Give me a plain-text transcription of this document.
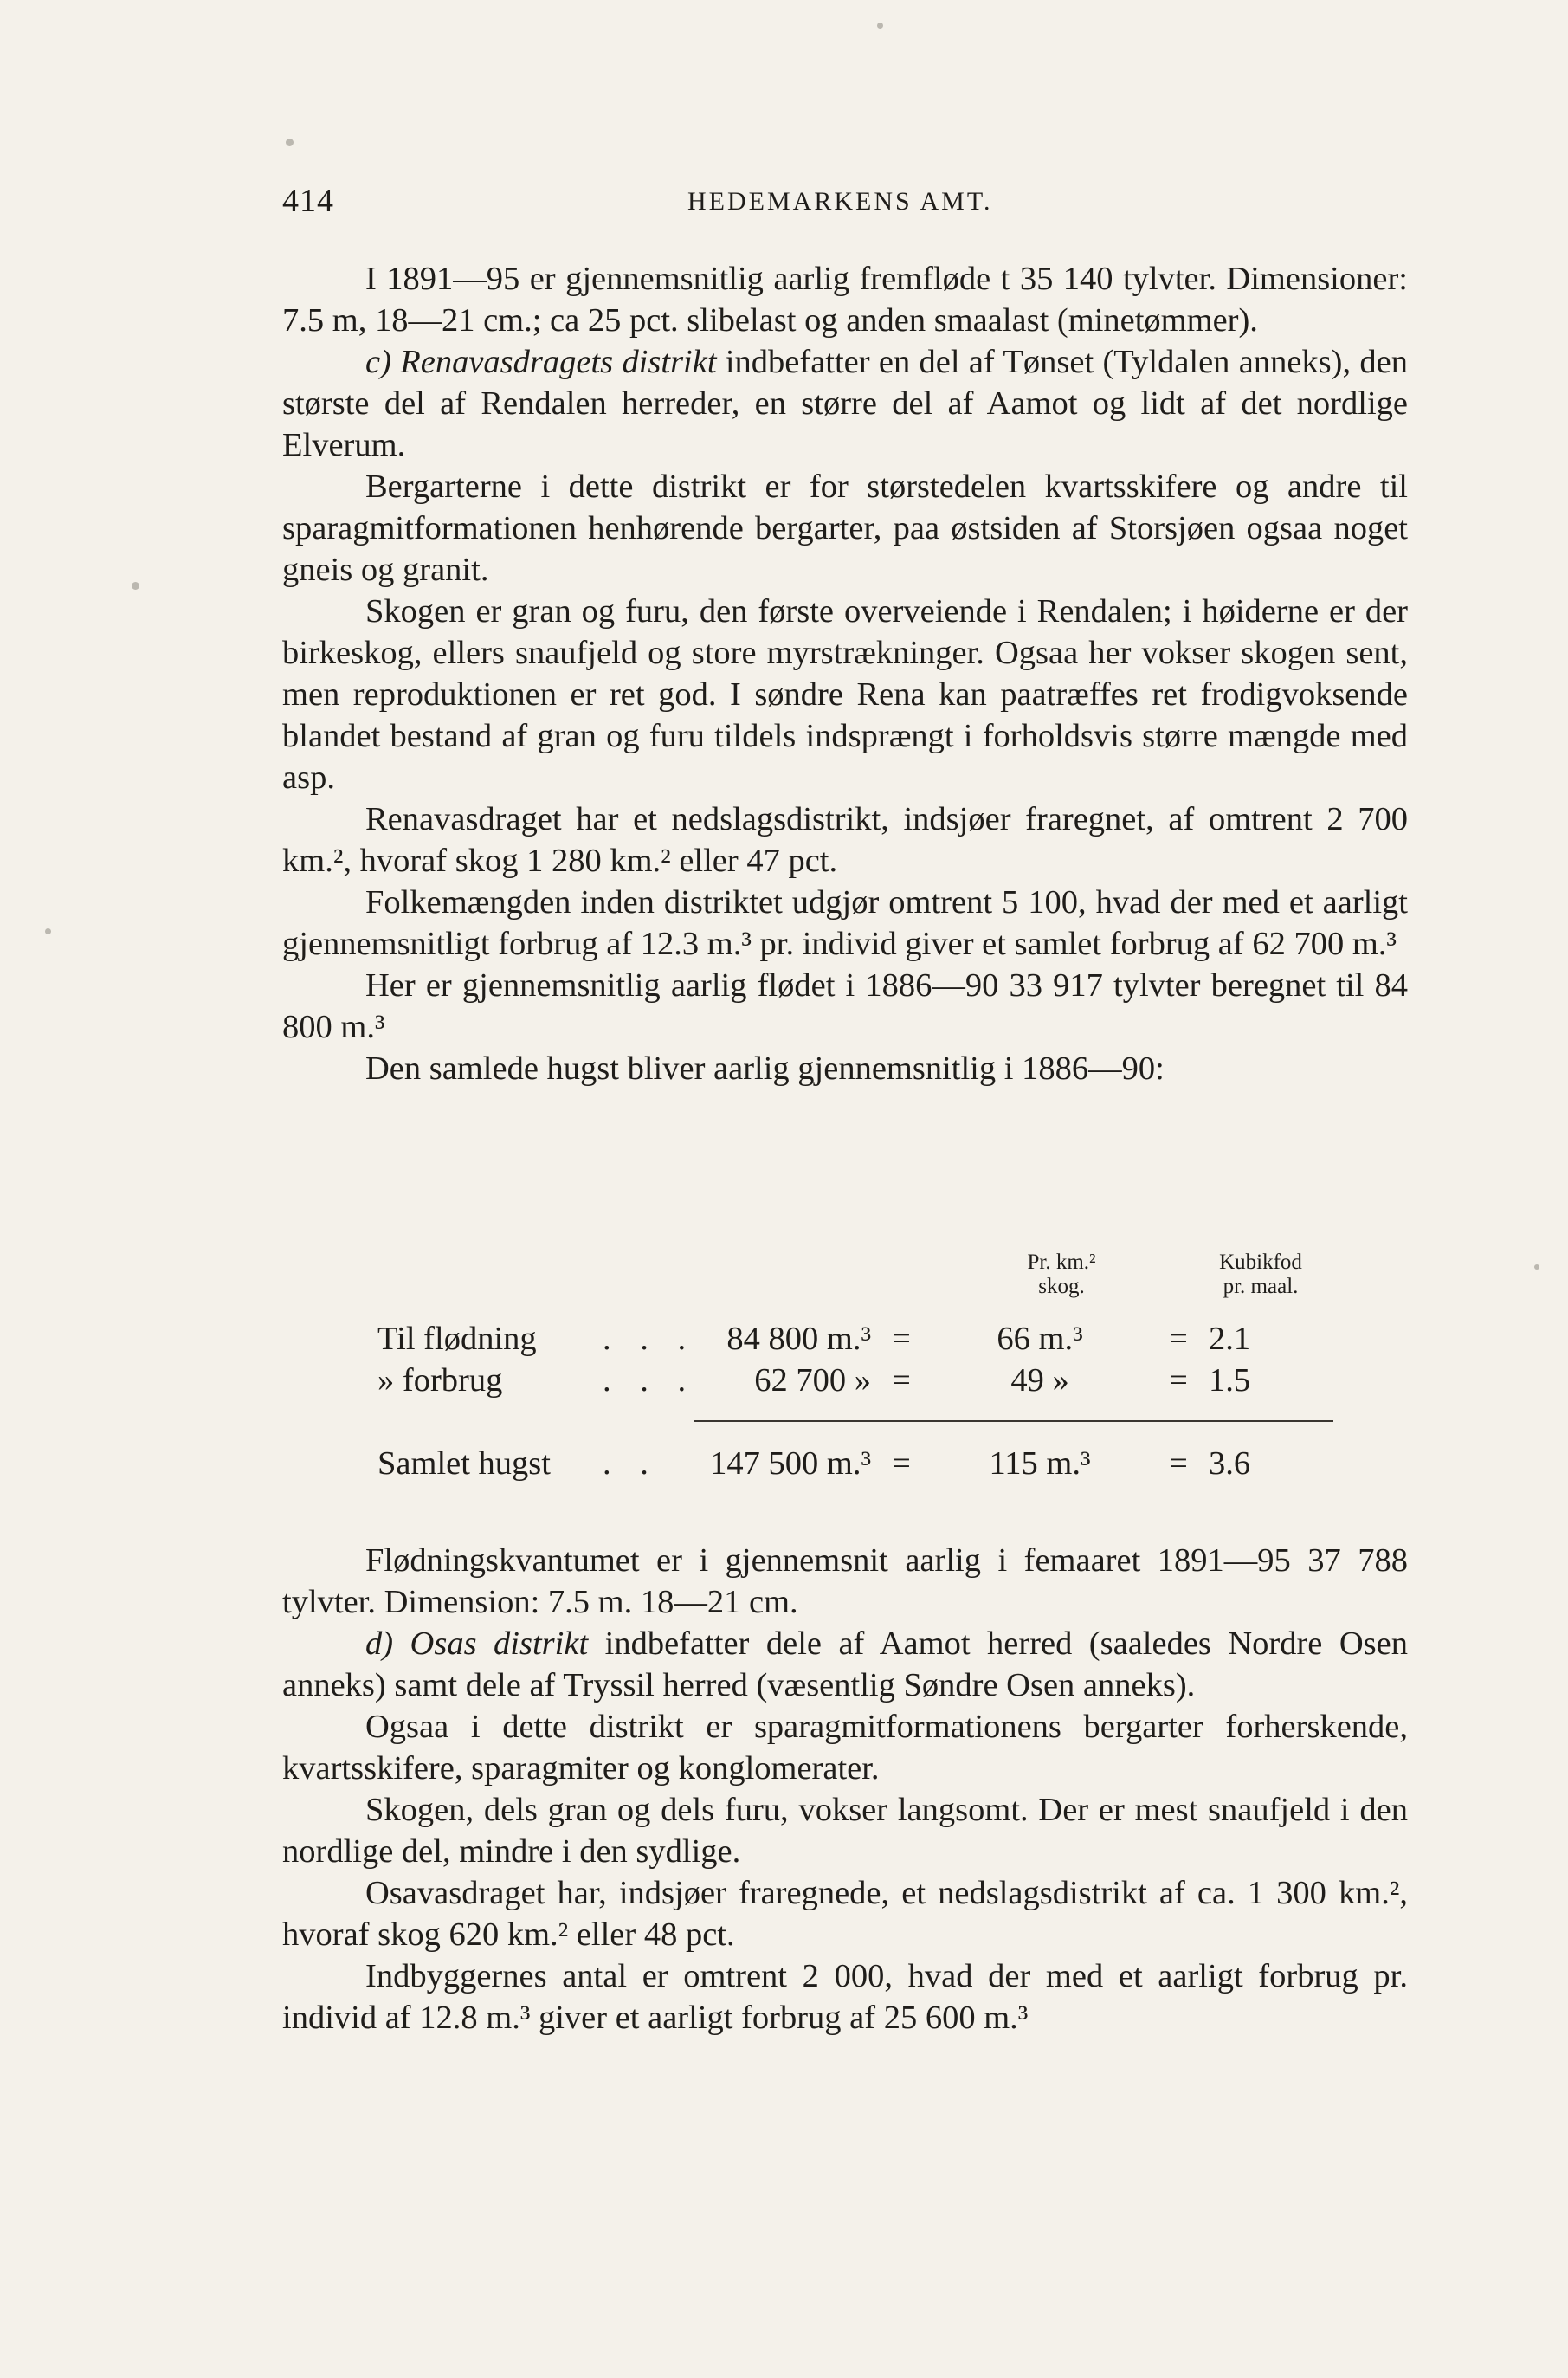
414	HEDEMARKENS AMT.

I 1891—95 er gjennemsnitlig aarlig fremfløde t 35 140 tylvter. Dimensioner: 7.5 m, 18—21 cm.; ca 25 pct. slibelast og anden smaalast (minetømmer).

c) Renavasdragets distrikt indbefatter en del af Tønset (Tyldalen anneks), den største del af Rendalen herreder, en større del af Aamot og lidt af det nordlige Elverum.

Bergarterne i dette distrikt er for størstedelen kvartsskifere og andre til sparagmitformationen henhørende bergarter, paa østsiden af Storsjøen ogsaa noget gneis og granit.

Skogen er gran og furu, den første overveiende i Rendalen; i høiderne er der birkeskog, ellers snaufjeld og store myrstrækninger. Ogsaa her vokser skogen sent, men reproduktionen er ret god. I søndre Rena kan paatræffes ret frodigvoksende blandet bestand af gran og furu tildels indsprængt i forholdsvis større mængde med asp.

Renavasdraget har et nedslagsdistrikt, indsjøer fraregnet, af omtrent 2 700 km.², hvoraf skog 1 280 km.² eller 47 pct.

Folkemængden inden distriktet udgjør omtrent 5 100, hvad der med et aarligt gjennemsnitligt forbrug af 12.3 m.³ pr. individ giver et samlet forbrug af 62 700 m.³

Her er gjennemsnitlig aarlig flødet i 1886—90 33 917 tylvter beregnet til 84 800 m.³

Den samlede hugst bliver aarlig gjennemsnitlig i 1886—90:

Pr. km.²
skog.
Kubikfod
pr. maal.
Til flødning . . . 84 800 m.³ =	66 m.³	= 2.1
» forbrug	. . .	62 700 » =	49 »	= 1.5
Samlet hugst . .	147 500 m.³ =	115 m.³	= 3.6

Flødningskvantumet er i gjennemsnit aarlig i femaaret 1891—95 37 788 tylvter. Dimension: 7.5 m. 18—21 cm.

d) Osas distrikt indbefatter dele af Aamot herred (saaledes Nordre Osen anneks) samt dele af Tryssil herred (væsentlig Søndre Osen anneks).

Ogsaa i dette distrikt er sparagmitformationens bergarter forherskende, kvartsskifere, sparagmiter og konglomerater.

Skogen, dels gran og dels furu, vokser langsomt. Der er mest snaufjeld i den nordlige del, mindre i den sydlige.

Osavasdraget har, indsjøer fraregnede, et nedslagsdistrikt af ca. 1 300 km.², hvoraf skog 620 km.² eller 48 pct.

Indbyggernes antal er omtrent 2 000, hvad der med et aarligt forbrug pr. individ af 12.8 m.³ giver et aarligt forbrug af 25 600 m.³
